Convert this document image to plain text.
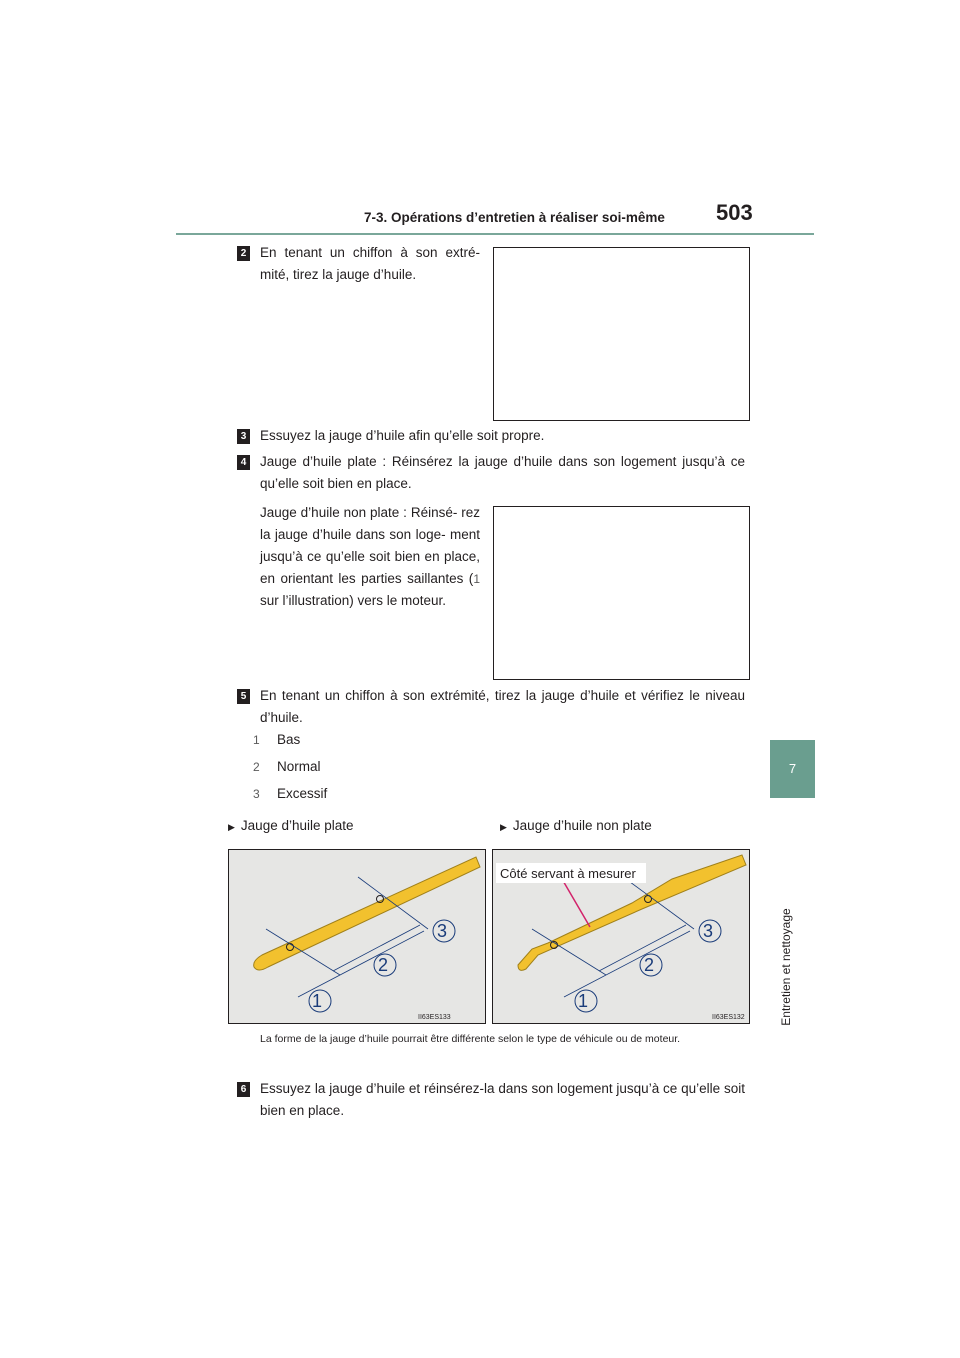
7-3. Opérations d’entretien à réaliser soi-même 503
7
Entretien et nettoyage
2 En tenant un chiffon à son extré- mité, tirez la jauge d’huile.
3 Essuyez la jauge d’huile afin qu’elle soit propre.
4 Jauge d’huile plate : Réinsérez la jauge d’huile dans son logement jusqu’à ce qu’elle soit bien en place.
Jauge d’huile non plate : Réinsé- rez la jauge d’huile dans son loge- ment jusqu’à ce qu’elle soit bien en place, en orientant les parties saillantes (1 sur l’illustration) vers le moteur.
5 En tenant un chiffon à son extrémité, tirez la jauge d’huile et vérifiez le niveau d’huile.
1 Bas
2 Normal
3 Excessif
▶ Jauge d’huile plate	▶ Jauge d’huile non plate
1
2
3
II63ES133
Côté servant à mesurer
1
2
3
II63ES132
La forme de la jauge d’huile pourrait être différente selon le type de véhicule ou de moteur.
6 Essuyez la jauge d’huile et réinsérez-la dans son logement jusqu’à ce qu’elle soit bien en place.
